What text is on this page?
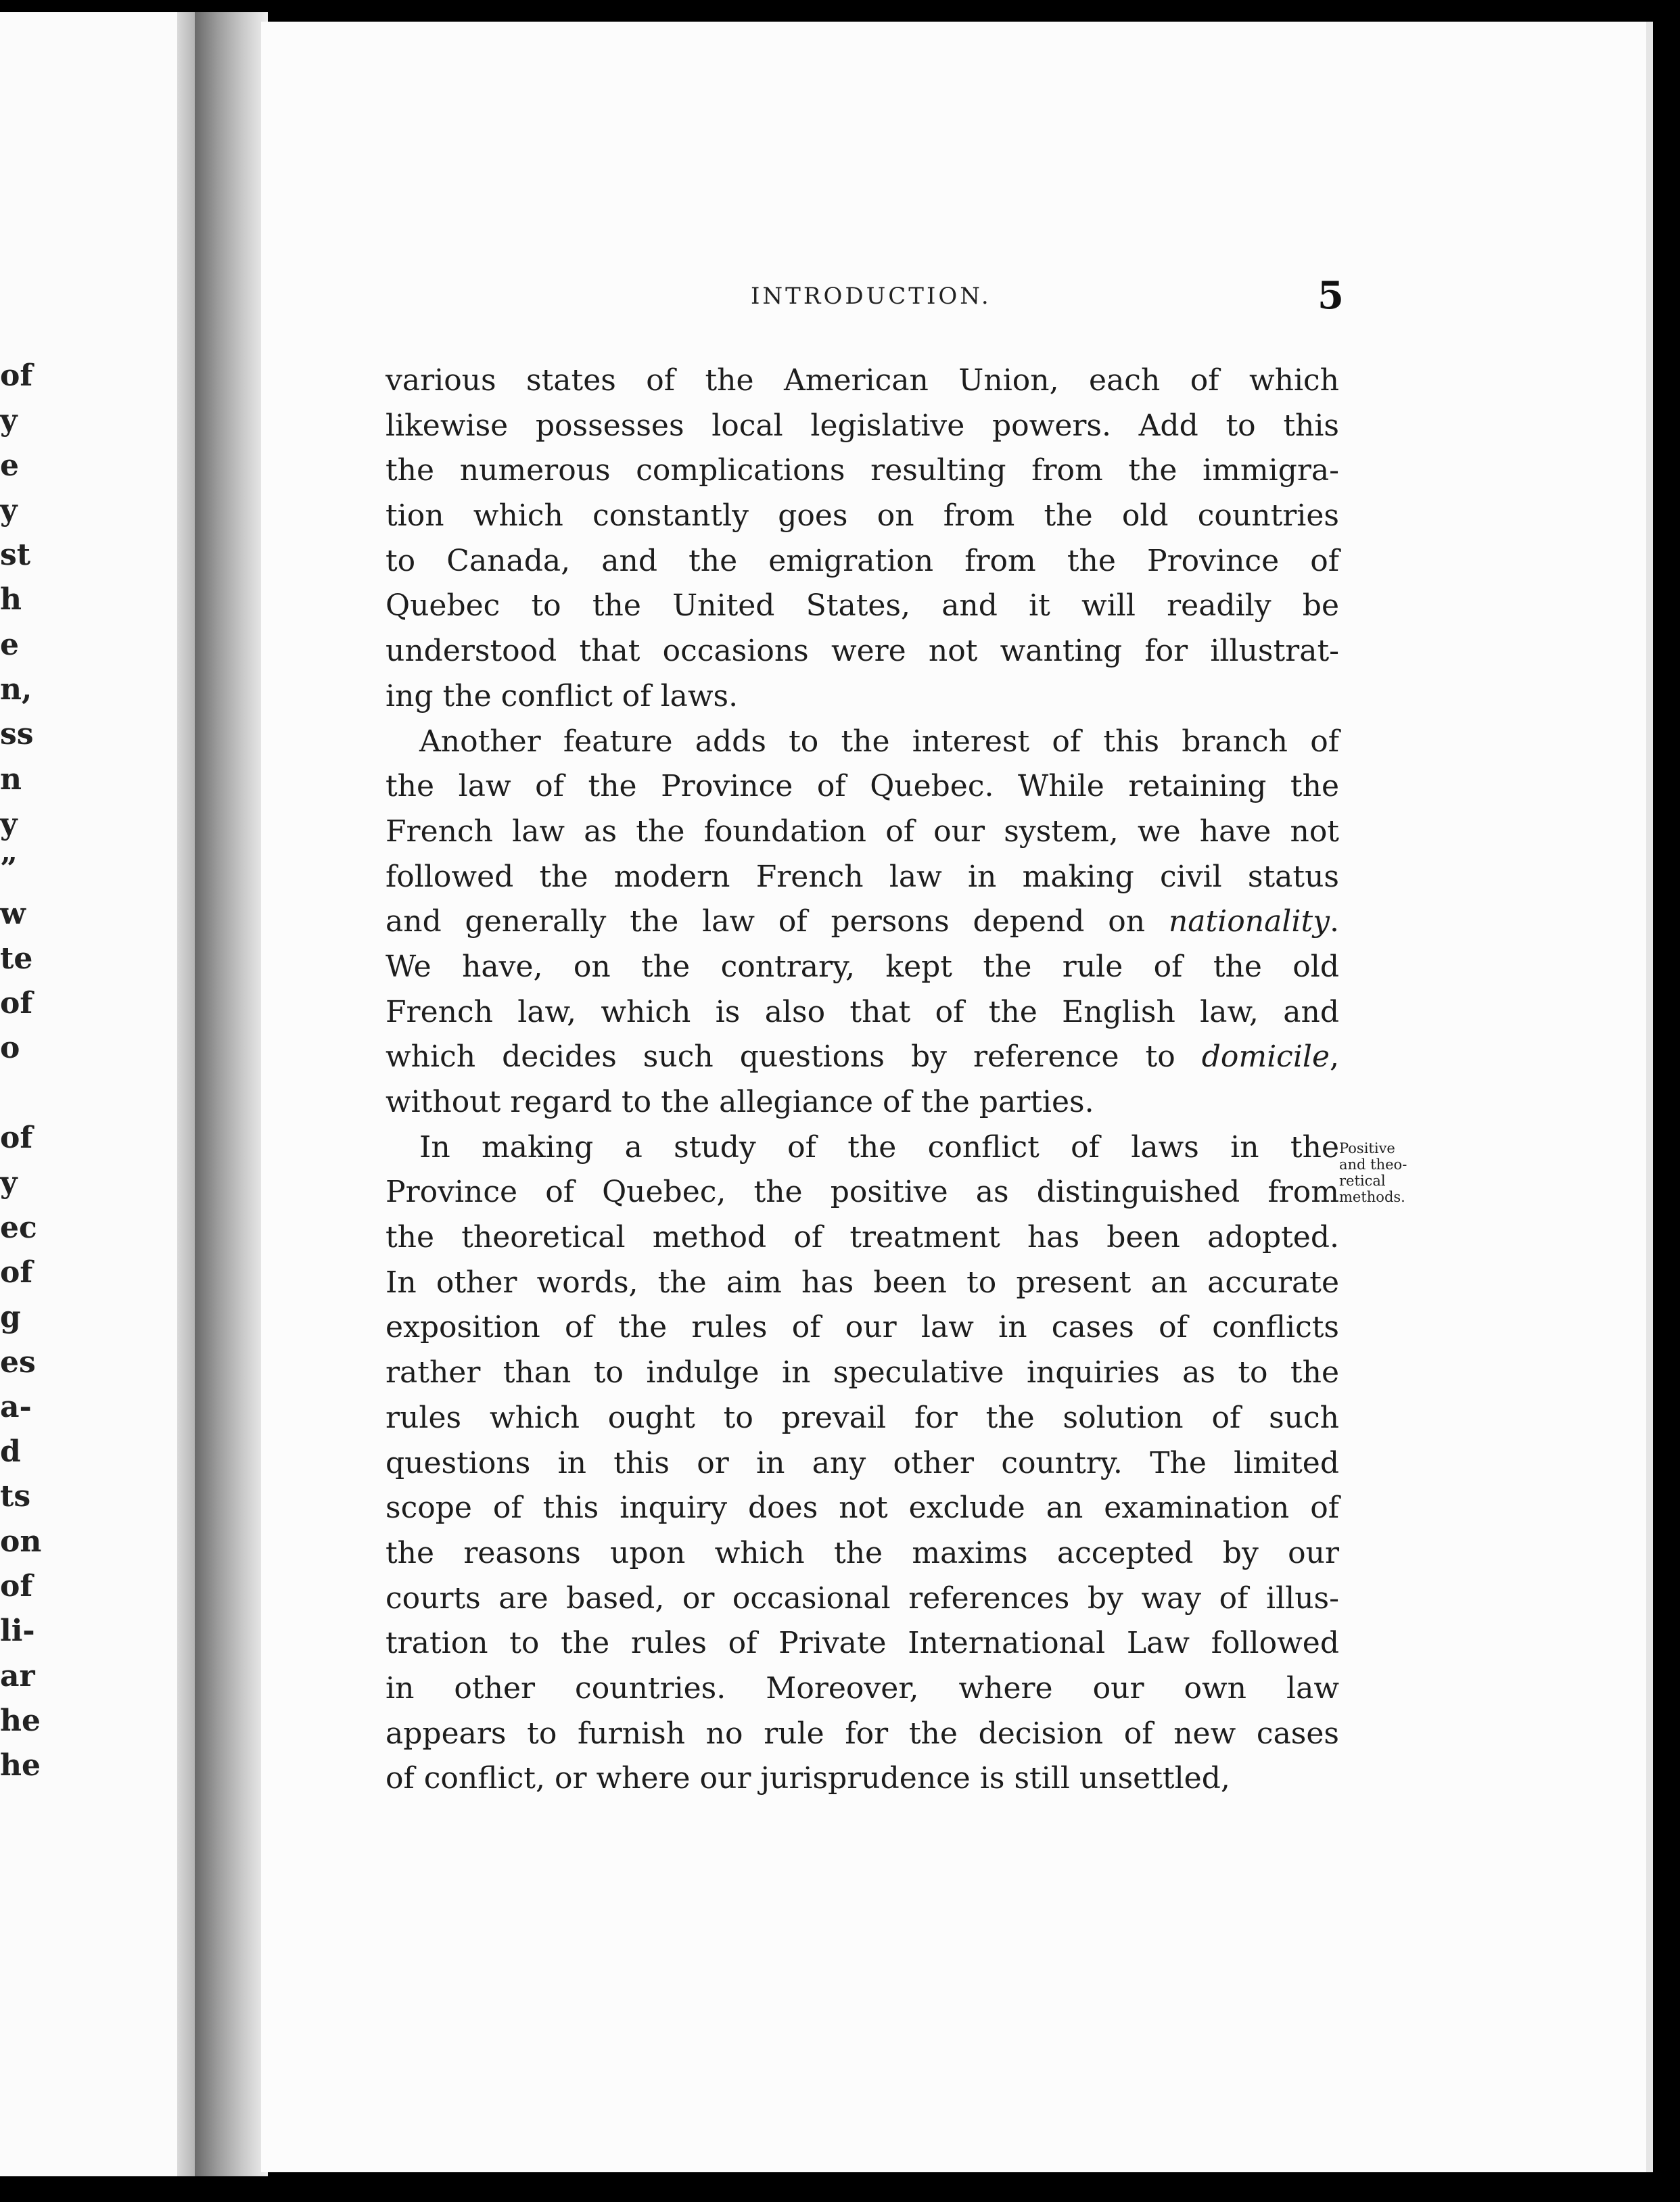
of
y
e
y
st
h
e
n,
ss
n
y
”
w
te
of
o
of
y
ec
of
g
es
a-
d
ts
on
of
li-
ar
he
he
INTRODUCTION.	5
various states of the American Union, each of which
likewise possesses local legislative powers. Add to this
the numerous complications resulting from the immigra-
tion which constantly goes on from the old countries
to Canada, and the emigration from the Province of
Quebec to the United States, and it will readily be
understood that occasions were not wanting for illustrat-
ing the conflict of laws.
Another feature adds to the interest of this branch of
the law of the Province of Quebec. While retaining the
French law as the foundation of our system, we have not
followed the modern French law in making civil status
and generally the law of persons depend on nationality.
We have, on the contrary, kept the rule of the old
French law, which is also that of the English law, and
which decides such questions by reference to domicile,
without regard to the allegiance of the parties.
In making a study of the conflict of laws in the
Province of Quebec, the positive as distinguished from
the theoretical method of treatment has been adopted.
In other words, the aim has been to present an accurate
exposition of the rules of our law in cases of conflicts
rather than to indulge in speculative inquiries as to the
rules which ought to prevail for the solution of such
questions in this or in any other country. The limited
scope of this inquiry does not exclude an examination of
the reasons upon which the maxims accepted by our
courts are based, or occasional references by way of illus-
tration to the rules of Private International Law followed
in other countries. Moreover, where our own law
appears to furnish no rule for the decision of new cases
of conflict, or where our jurisprudence is still unsettled,
Positive
and theo-
retical
methods.
